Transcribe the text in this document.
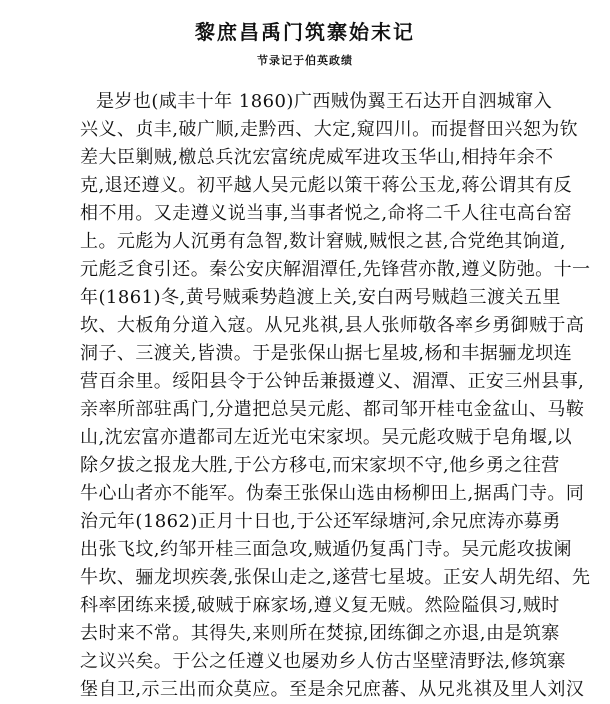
黎庶昌禹门筑寨始末记
节录记于伯英政绩
是岁也(咸丰十年 1860)广西贼伪翼王石达开自泗城窜入
兴义、贞丰,破广顺,走黔西、大定,窥四川。而提督田兴恕为钦
差大臣剿贼,檄总兵沈宏富统虎威军进攻玉华山,相持年余不
克,退还遵义。初平越人吴元彪以策干蒋公玉龙,蒋公谓其有反
相不用。又走遵义说当事,当事者悦之,命将二千人往屯高台窑
上。元彪为人沉勇有急智,数计窘贼,贼恨之甚,合党绝其饷道,
元彪乏食引还。秦公安庆解湄潭任,先锋营亦散,遵义防弛。十一
年(1861)冬,黄号贼乘势趋渡上关,安白两号贼趋三渡关五里
坎、大板角分道入寇。从兄兆祺,县人张师敬各率乡勇御贼于高
洞子、三渡关,皆溃。于是张保山据七星坡,杨和丰据骊龙坝连
营百余里。绥阳县令于公钟岳兼摄遵义、湄潭、正安三州县事,
亲率所部驻禹门,分遣把总吴元彪、都司邹开桂屯金盆山、马鞍
山,沈宏富亦遣都司左近光屯宋家坝。吴元彪攻贼于皂角堰,以
除夕拔之报龙大胜,于公方移屯,而宋家坝不守,他乡勇之往营
牛心山者亦不能军。伪秦王张保山选由杨柳田上,据禹门寺。同
治元年(1862)正月十日也,于公还军绿塘河,余兄庶涛亦募勇
出张飞坟,约邹开桂三面急攻,贼遁仍复禹门寺。吴元彪攻拔阑
牛坎、骊龙坝疾袭,张保山走之,遂营七星坡。正安人胡先绍、先
科率团练来援,破贼于麻家场,遵义复无贼。然险隘俱习,贼时
去时来不常。其得失,来则所在焚掠,团练御之亦退,由是筑寨
之议兴矣。于公之任遵义也屡劝乡人仿古坚壁清野法,修筑寨
堡自卫,示三出而众莫应。至是余兄庶蕃、从兄兆祺及里人刘汉
